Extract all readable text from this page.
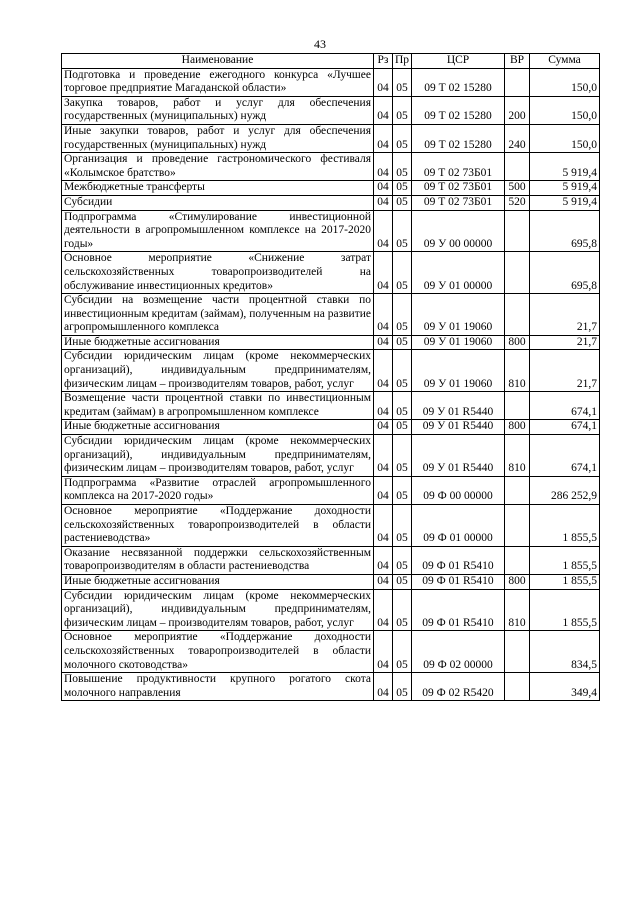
43
Наименование	Рз	Пр	ЦСР	ВР	Сумма
Подготовка и проведение ежегодного конкурса «Лучшее торговое предприятие Магаданской области»	04	05	09 Т 02 15280		150,0
Закупка товаров, работ и услуг для обеспечения государственных (муниципальных) нужд	04	05	09 Т 02 15280	200	150,0
Иные закупки товаров, работ и услуг для обеспечения государственных (муниципальных) нужд	04	05	09 Т 02 15280	240	150,0
Организация и проведение гастрономического фестиваля «Колымское братство»	04	05	09 Т 02 73Б01		5 919,4
Межбюджетные трансферты	04	05	09 Т 02 73Б01	500	5 919,4
Субсидии	04	05	09 Т 02 73Б01	520	5 919,4
Подпрограмма «Стимулирование инвестиционной деятельности в агропромышленном комплексе на 2017-2020 годы»	04	05	09 У 00 00000		695,8
Основное мероприятие «Снижение затрат сельскохозяйственных товаропроизводителей на обслуживание инвестиционных кредитов»	04	05	09 У 01 00000		695,8
Субсидии на возмещение части процентной ставки по инвестиционным кредитам (займам), полученным на развитие агропромышленного комплекса	04	05	09 У 01 19060		21,7
Иные бюджетные ассигнования	04	05	09 У 01 19060	800	21,7
Субсидии юридическим лицам (кроме некоммерческих организаций), индивидуальным предпринимателям, физическим лицам – производителям товаров, работ, услуг	04	05	09 У 01 19060	810	21,7
Возмещение части процентной ставки по инвестиционным кредитам (займам) в агропромышленном комплексе	04	05	09 У 01 R5440		674,1
Иные бюджетные ассигнования	04	05	09 У 01 R5440	800	674,1
Субсидии юридическим лицам (кроме некоммерческих организаций), индивидуальным предпринимателям, физическим лицам – производителям товаров, работ, услуг	04	05	09 У 01 R5440	810	674,1
Подпрограмма «Развитие отраслей агропромышленного комплекса на 2017-2020 годы»	04	05	09 Ф 00 00000		286 252,9
Основное мероприятие «Поддержание доходности сельскохозяйственных товаропроизводителей в области растениеводства»	04	05	09 Ф 01 00000		1 855,5
Оказание несвязанной поддержки сельскохозяйственным товаропроизводителям в области растениеводства	04	05	09 Ф 01 R5410		1 855,5
Иные бюджетные ассигнования	04	05	09 Ф 01 R5410	800	1 855,5
Субсидии юридическим лицам (кроме некоммерческих организаций), индивидуальным предпринимателям, физическим лицам – производителям товаров, работ, услуг	04	05	09 Ф 01 R5410	810	1 855,5
Основное мероприятие «Поддержание доходности сельскохозяйственных товаропроизводителей в области молочного скотоводства»	04	05	09 Ф 02 00000		834,5
Повышение продуктивности крупного рогатого скота молочного направления	04	05	09 Ф 02 R5420		349,4
